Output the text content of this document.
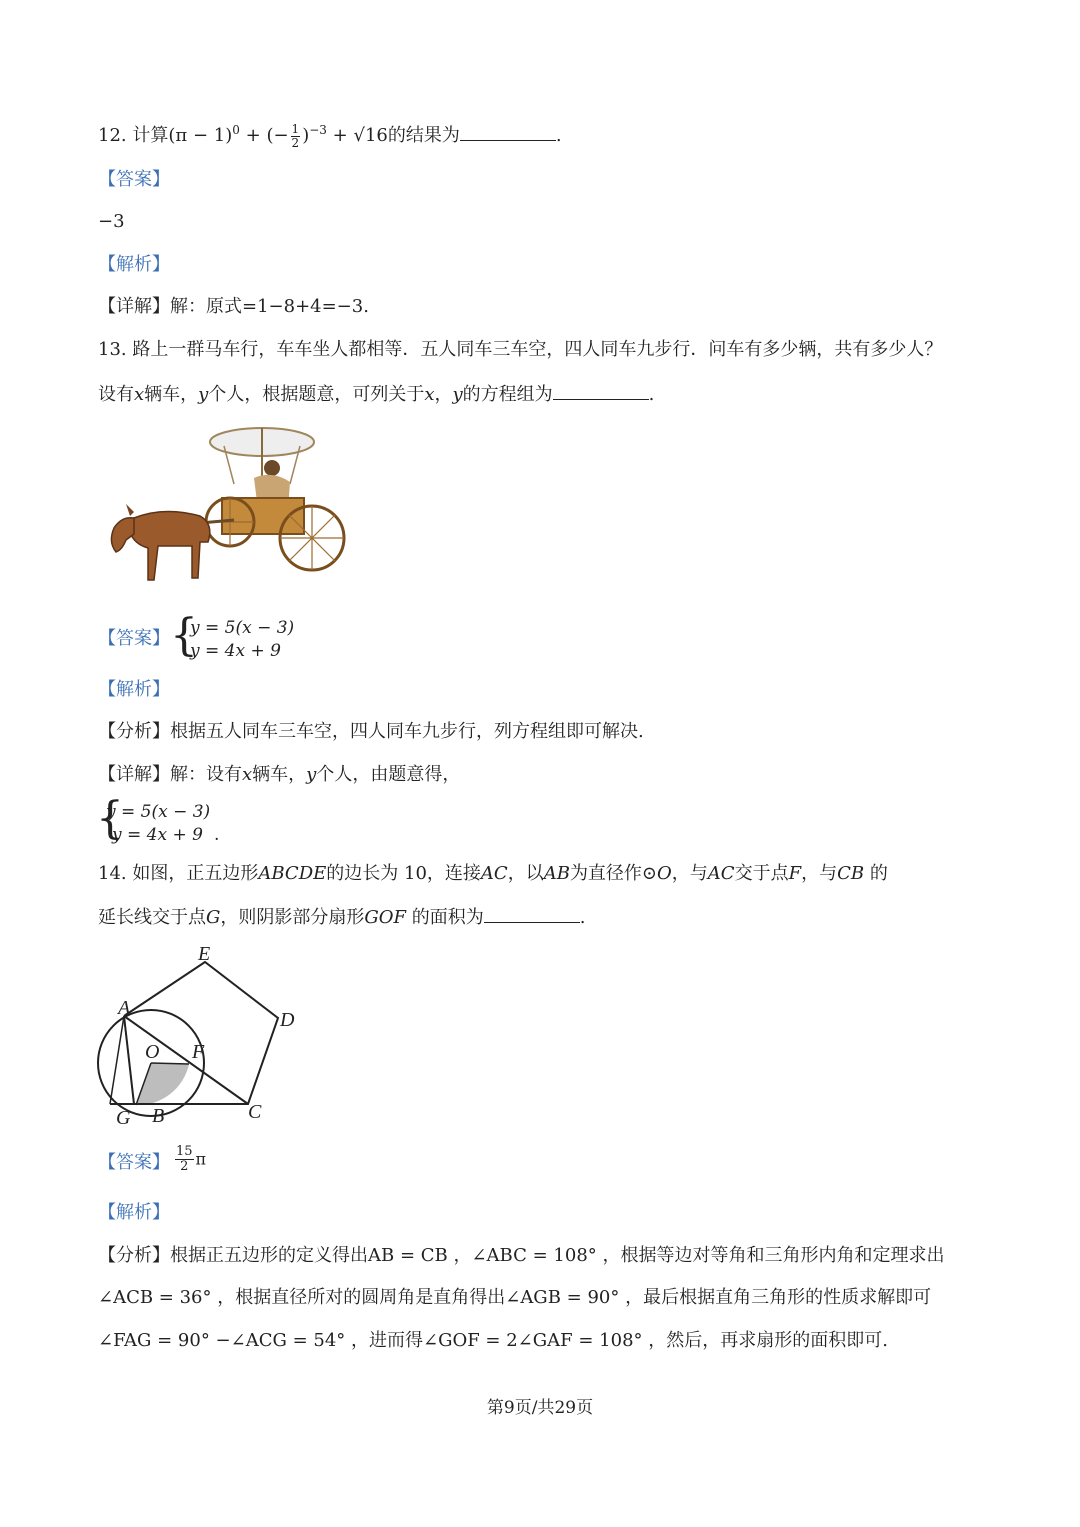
12. 计算$(\pi - 1)^0$ + (− $\frac{1}{2} )^{-3} + √16$的结果为	.
【答案】
−3
【解析】
【详解】解：原式=1−8+4=−3.
13. 路上一群马车行，车车坐人都相等．五人同车三车空，四人同车九步行．问车有多少辆，共有多少人？
设有x辆车，y个人，根据题意，可列关于x，y的方程组为	.
【答案】 {
y = 5(x − 3)
y = 4x + 9
【解析】
【分析】根据五人同车三车空，四人同车九步行，列方程组即可解决.
【详解】解：设有x辆车，y个人，由题意得，
{
y = 5(x − 3)
y = 4x + 9 .
14. 如图，正五边形ABCDE的边长为 10，连接AC，以AB为直径作⊙O，与AC交于点F，与CB 的
延长线交于点G，则阴影部分扇形GOF 的面积为	.
E
A
D
O F
G B	C
【答案】 $\frac{15}{2}$ π
【解析】
【分析】根据正五边形的定义得出AB = CB ，∠ABC = 108° ，根据等边对等角和三角形内角和定理求出
∠ACB = 36° ，根据直径所对的圆周角是直角得出∠AGB = 90° ，最后根据直角三角形的性质求解即可
∠FAG = 90° −∠ACG = 54° ，进而得∠GOF = 2∠GAF = 108° ，然后，再求扇形的面积即可.
第9页/共29页
